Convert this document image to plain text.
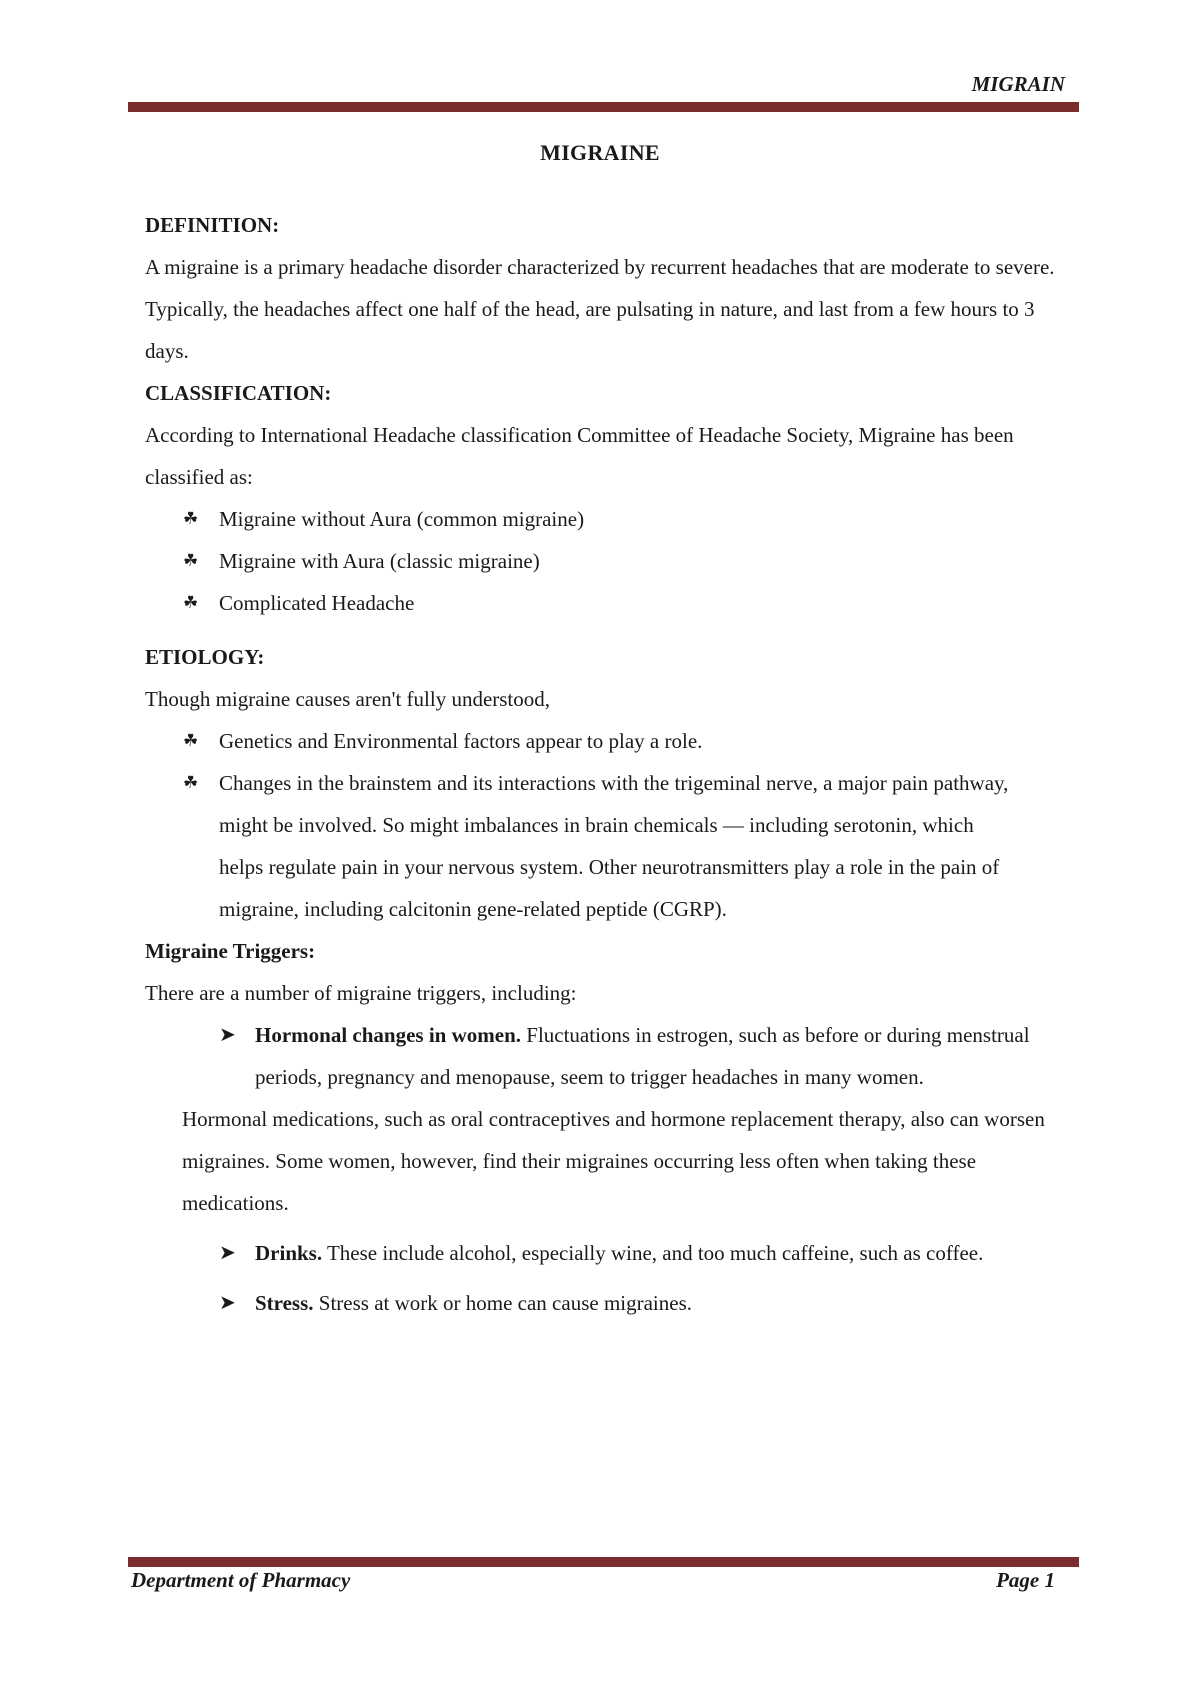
MIGRAIN
MIGRAINE
DEFINITION:

A migraine is a primary headache disorder characterized by recurrent headaches that are moderate to severe. Typically, the headaches affect one half of the head, are pulsating in nature, and last from a few hours to 3 days.

CLASSIFICATION:

According to International Headache classification Committee of Headache Society, Migraine has been classified as:

☘ Migraine without Aura (common migraine)
☘ Migraine with Aura (classic migraine)
☘ Complicated Headache
ETIOLOGY:

Though migraine causes aren't fully understood,

☘ Genetics and Environmental factors appear to play a role.
☘ Changes in the brainstem and its interactions with the trigeminal nerve, a major pain pathway, might be involved. So might imbalances in brain chemicals — including serotonin, which helps regulate pain in your nervous system. Other neurotransmitters play a role in the pain of migraine, including calcitonin gene-related peptide (CGRP).
Migraine Triggers:

There are a number of migraine triggers, including:

➤ Hormonal changes in women. Fluctuations in estrogen, such as before or during menstrual periods, pregnancy and menopause, seem to trigger headaches in many women.

Hormonal medications, such as oral contraceptives and hormone replacement therapy, also can worsen migraines. Some women, however, find their migraines occurring less often when taking these medications.

➤ Drinks. These include alcohol, especially wine, and too much caffeine, such as coffee.
➤ Stress. Stress at work or home can cause migraines.
Department of Pharmacy	Page 1
